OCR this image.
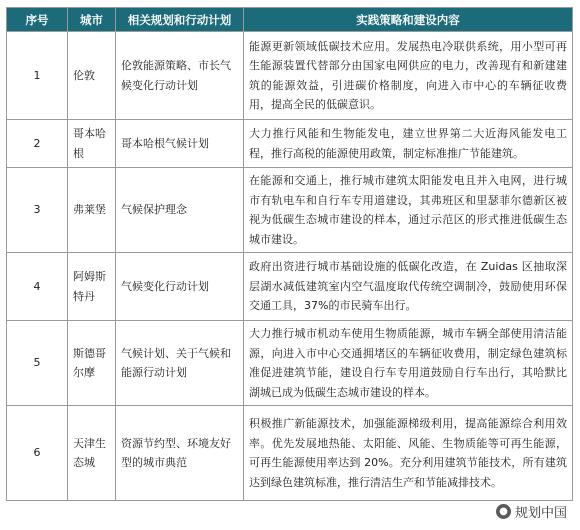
序号	城市	相关规划和行动计划	实践策略和建设内容
1	伦敦	伦敦能源策略、市长气候变化行动计划	能源更新领域低碳技术应用。发展热电冷联供系统，用小型可再生能源装置代替部分由国家电网供应的电力，改善现有和新建建筑的能源效益，引进碳价格制度，向进入市中心的车辆征收费用，提高全民的低碳意识。
2	哥本哈根	哥本哈根气候计划	大力推行风能和生物能发电，建立世界第二大近海风能发电工程，推行高税的能源使用政策，制定标准推广节能建筑。
3	弗莱堡	气候保护理念	在能源和交通上，推行城市建筑太阳能发电且并入电网，进行城市有轨电车和自行车专用道建设，其弗班区和里瑟菲尔德新区被视为低碳生态城市建设的样本，通过示范区的形式推进低碳生态城市建设。
4	阿姆斯特丹	气候变化行动计划	政府出资进行城市基础设施的低碳化改造，在 Zuidas 区抽取深层湖水减低建筑室内空气温度取代传统空调制冷，鼓励使用环保交通工具，37%的市民骑车出行。
5	斯德哥尔摩	气候计划、关于气候和能源行动计划	大力推行城市机动车使用生物质能源，城市车辆全部使用清洁能源，向进入市中心交通拥堵区的车辆征收费用，制定绿色建筑标准促进建筑节能，建设自行车专用道鼓励自行车出行，其哈默比湖城已成为低碳生态城市建设的样本。
6	天津生态城	资源节约型、环境友好型的城市典范	积极推广新能源技术，加强能源梯级利用，提高能源综合利用效率。优先发展地热能、太阳能、风能、生物质能等可再生能源，可再生能源使用率达到 20%。充分利用建筑节能技术，所有建筑达到绿色建筑标准，推行清洁生产和节能减排技术。
● 规划中国
